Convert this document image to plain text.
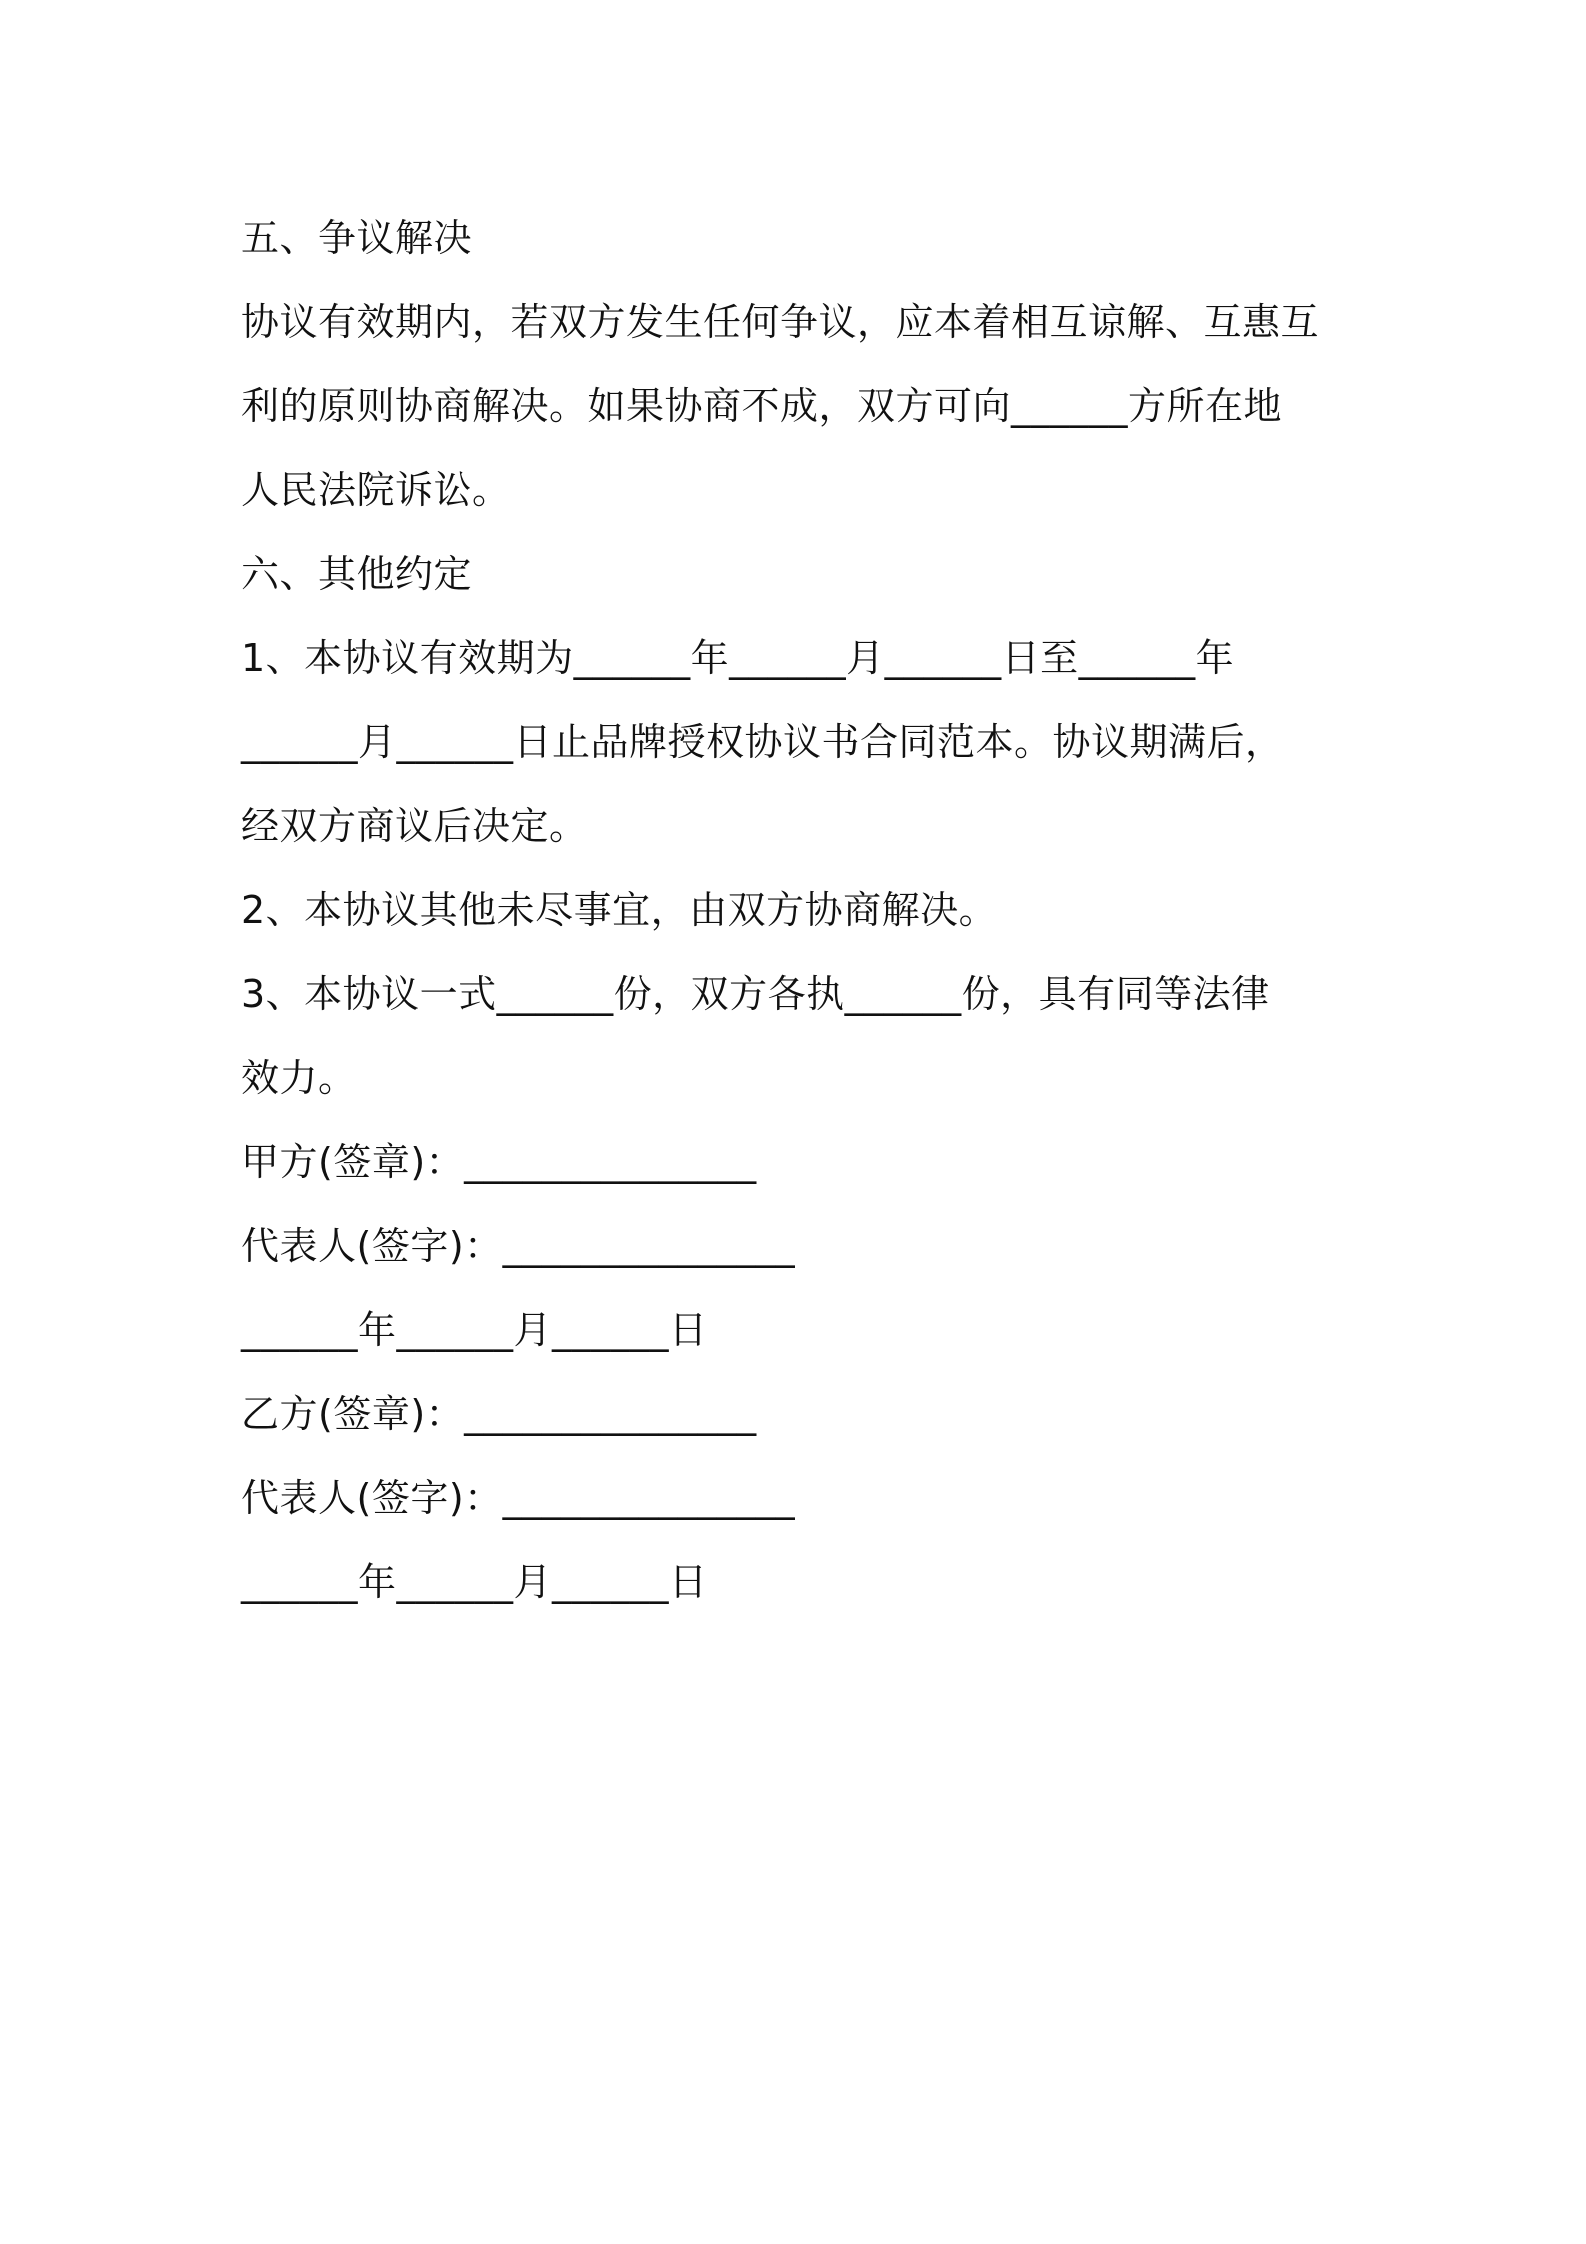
五、争议解决
协议有效期内，若双方发生任何争议，应本着相互谅解、互惠互
利的原则协商解决。如果协商不成，双方可向______方所在地
人民法院诉讼。
六、其他约定
1、本协议有效期为______年______月______日至______年
______月______日止品牌授权协议书合同范本。协议期满后，
经双方商议后决定。
2、本协议其他未尽事宜，由双方协商解决。
3、本协议一式______份，双方各执______份，具有同等法律
效力。
甲方(签章)：_______________
代表人(签字)：_______________
______年______月______日
乙方(签章)：_______________
代表人(签字)：_______________
______年______月______日
